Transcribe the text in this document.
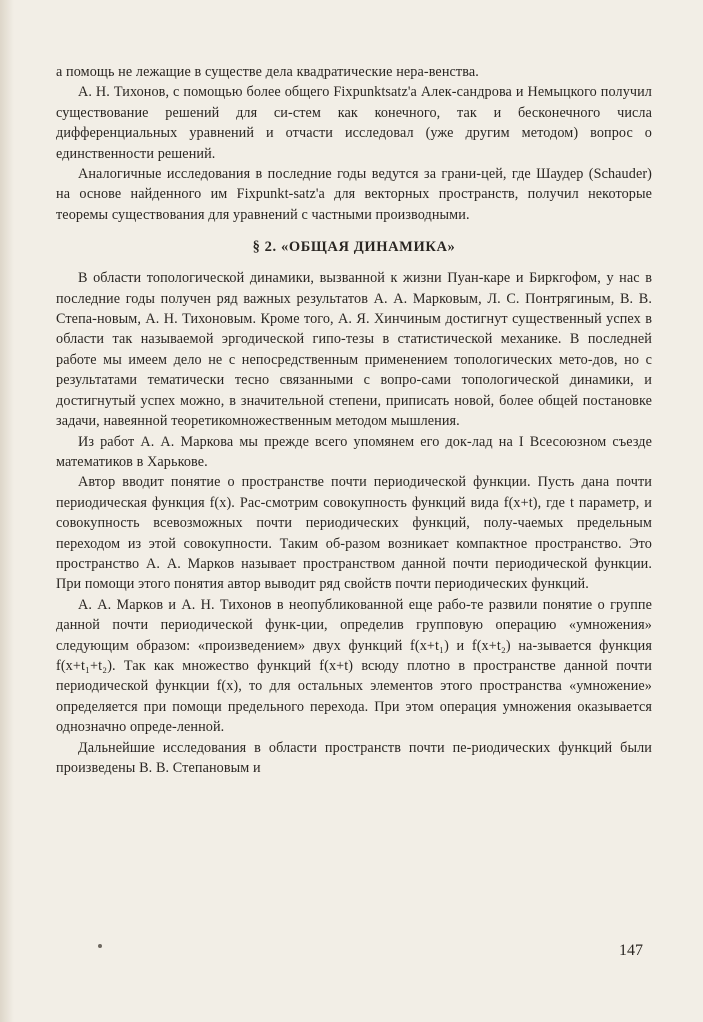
а помощь не лежащие в существе дела квадратические нера-венства.

А. Н. Тихонов, с помощью более общего Fixpunktsatz'а Алек-сандрова и Немыцкого получил существование решений для си-стем как конечного, так и бесконечного числа дифференциальных уравнений и отчасти исследовал (уже другим методом) вопрос о единственности решений.

Аналогичные исследования в последние годы ведутся за грани-цей, где Шаудер (Schauder) на основе найденного им Fixpunkt-satz'а для векторных пространств, получил некоторые теоремы существования для уравнений с частными производными.

§ 2. «ОБЩАЯ ДИНАМИКА»

В области топологической динамики, вызванной к жизни Пуан-каре и Биркгофом, у нас в последние годы получен ряд важных результатов А. А. Марковым, Л. С. Понтрягиным, В. В. Степа-новым, А. Н. Тихоновым. Кроме того, А. Я. Хинчиным достигнут существенный успех в области так называемой эргодической гипо-тезы в статистической механике. В последней работе мы имеем дело не с непосредственным применением топологических мето-дов, но с результатами тематически тесно связанными с вопро-сами топологической динамики, и достигнутый успех можно, в значительной степени, приписать новой, более общей постановке задачи, навеянной теоретикомножественным методом мышления.

Из работ А. А. Маркова мы прежде всего упомянем его док-лад на I Всесоюзном съезде математиков в Харькове.

Автор вводит понятие о пространстве почти периодической функции. Пусть дана почти периодическая функция f(x). Рас-смотрим совокупность функций вида f(x+t), где t параметр, и совокупность всевозможных почти периодических функций, полу-чаемых предельным переходом из этой совокупности. Таким об-разом возникает компактное пространство. Это пространство А. А. Марков называет пространством данной почти периодической функции. При помощи этого понятия автор выводит ряд свойств почти периодических функций.

А. А. Марков и А. Н. Тихонов в неопубликованной еще рабо-те развили понятие о группе данной почти периодической функ-ции, определив групповую операцию «умножения» следующим образом: «произведением» двух функций f(x+t₁) и f(x+t₂) на-зывается функция f(x+t₁+t₂). Так как множество функций f(x+t) всюду плотно в пространстве данной почти периодической функции f(x), то для остальных элементов этого пространства «умножение» определяется при помощи предельного перехода. При этом операция умножения оказывается однозначно опреде-ленной.

Дальнейшие исследования в области пространств почти пе-риодических функций были произведены В. В. Степановым и

147
